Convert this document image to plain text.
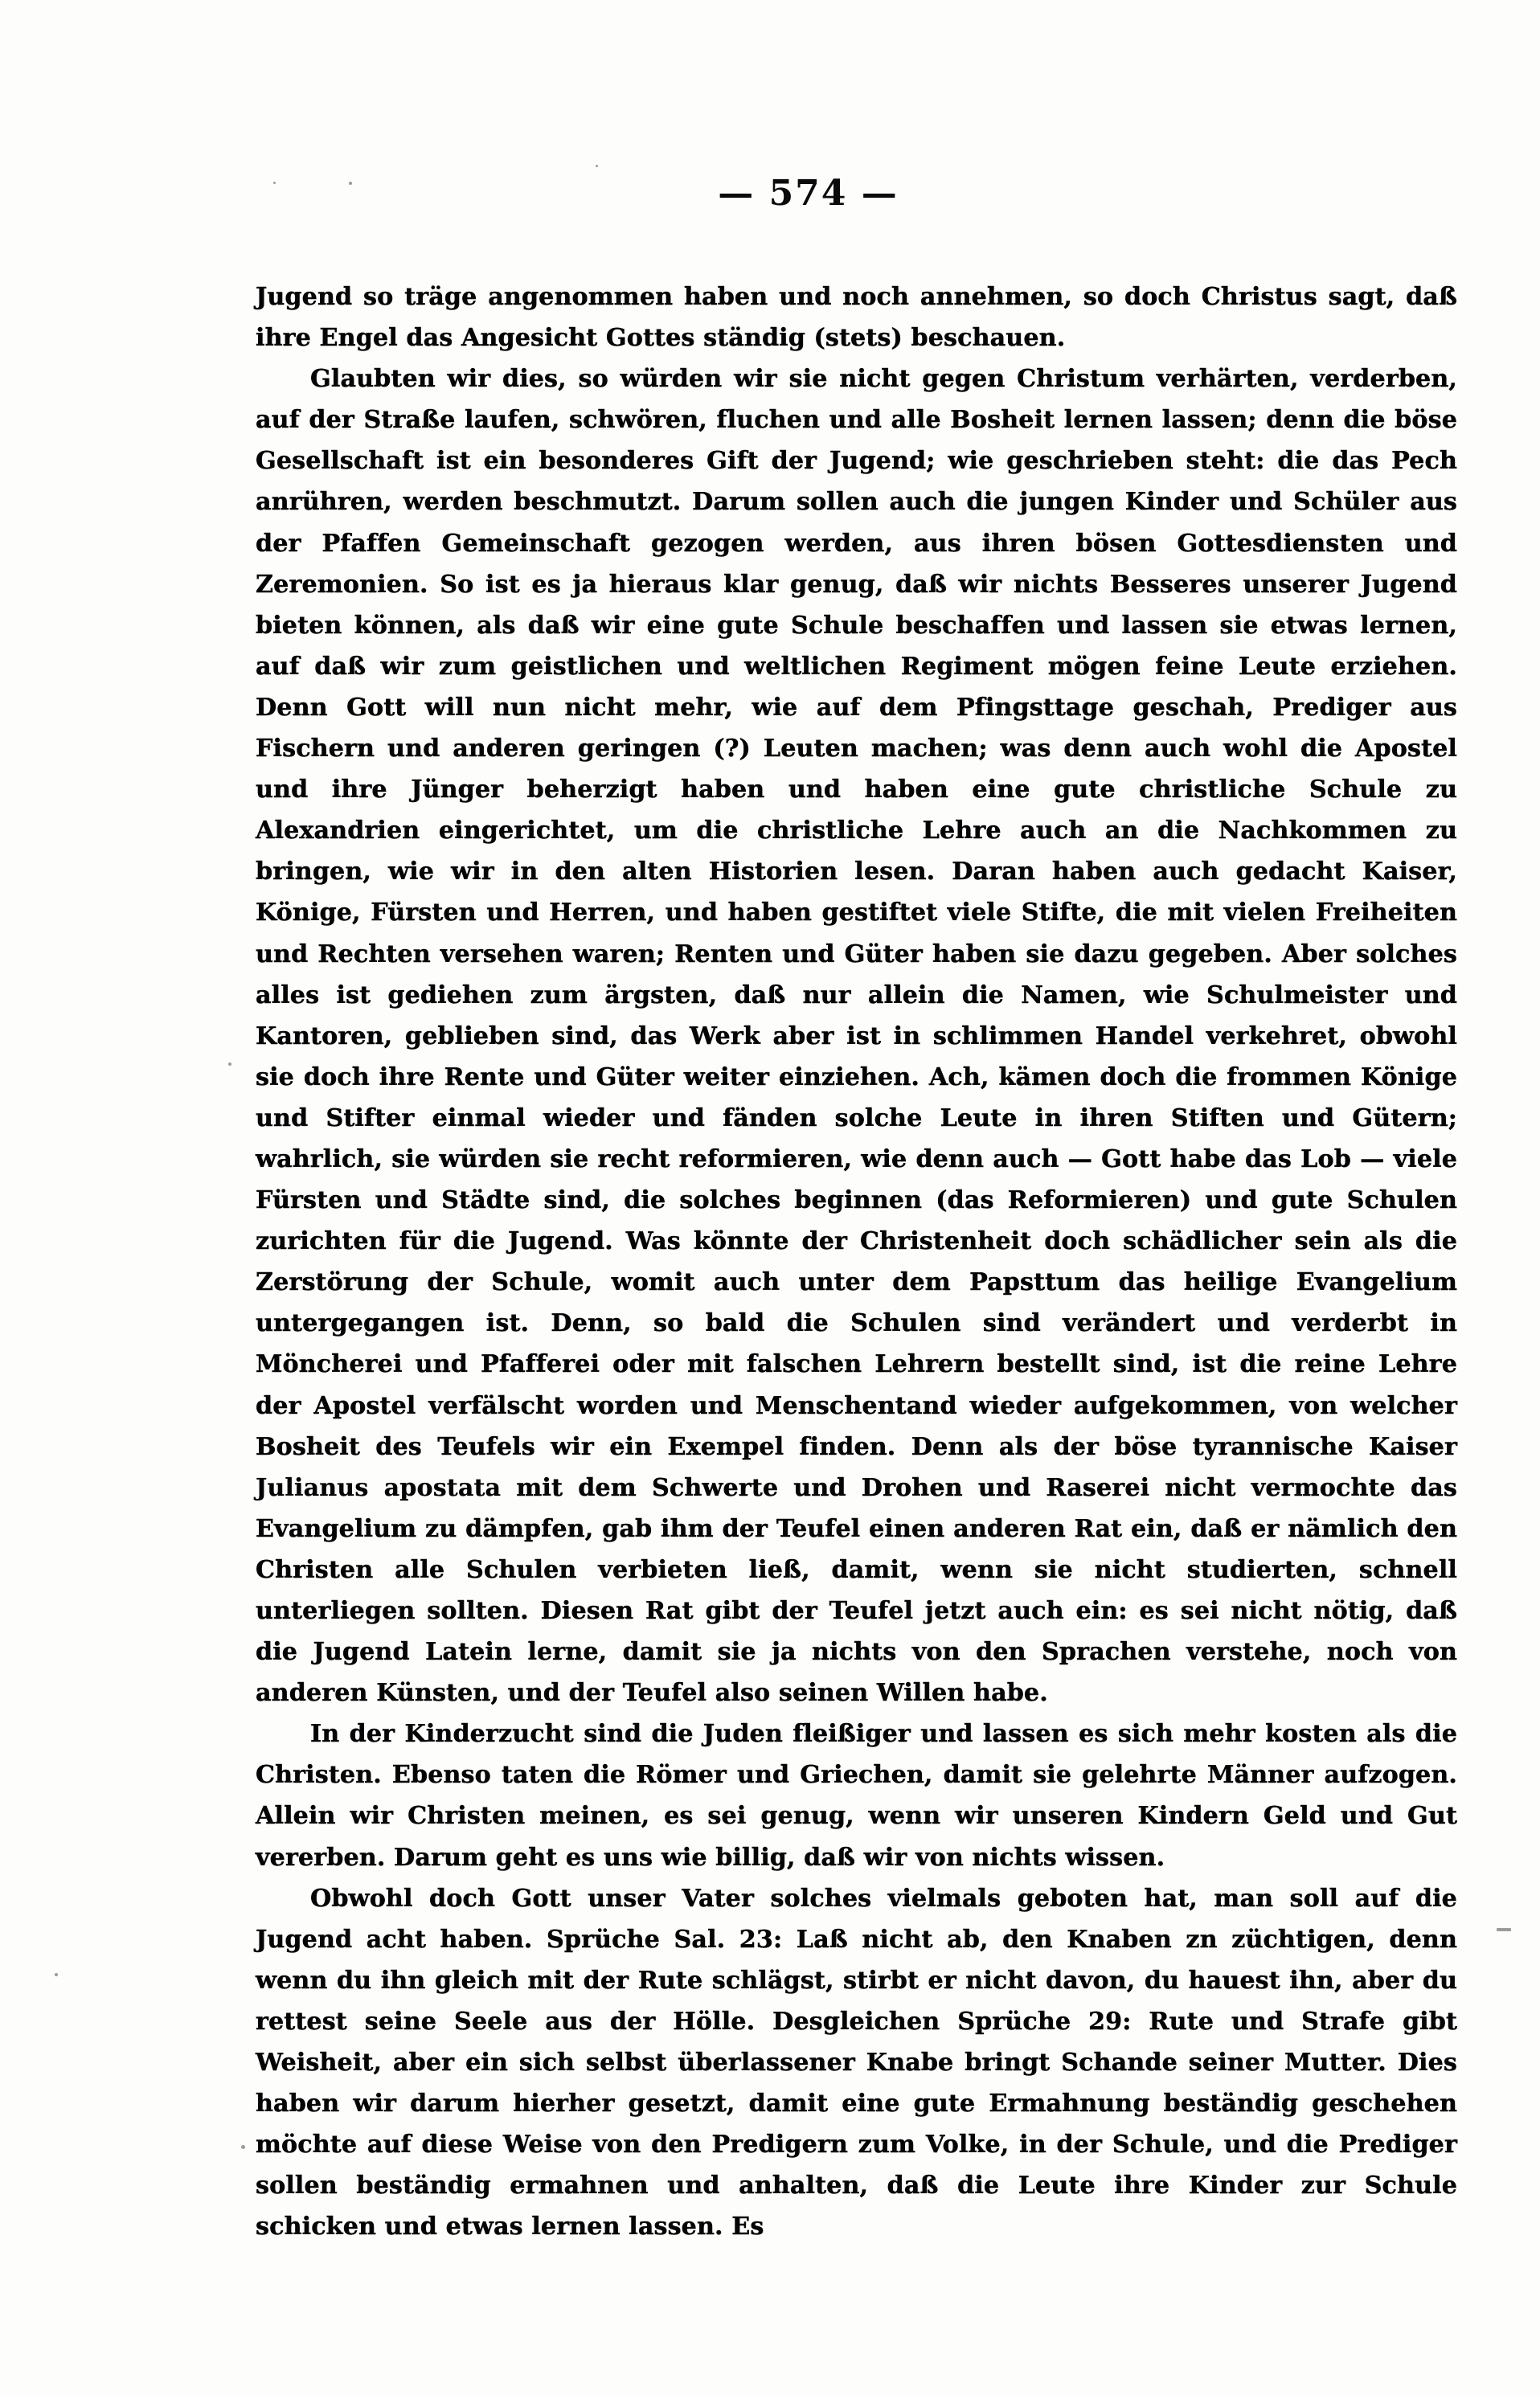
— 574 —

Jugend so träge angenommen haben und noch annehmen, so doch Christus sagt, daß ihre Engel das Angesicht Gottes ständig (stets) beschauen.

Glaubten wir dies, so würden wir sie nicht gegen Christum verhärten, verderben, auf der Straße laufen, schwören, fluchen und alle Bosheit lernen lassen; denn die böse Gesellschaft ist ein besonderes Gift der Jugend; wie geschrieben steht: die das Pech anrühren, werden beschmutzt. Darum sollen auch die jungen Kinder und Schüler aus der Pfaffen Gemeinschaft gezogen werden, aus ihren bösen Gottesdiensten und Zeremonien. So ist es ja hieraus klar genug, daß wir nichts Besseres unserer Jugend bieten können, als daß wir eine gute Schule beschaffen und lassen sie etwas lernen, auf daß wir zum geistlichen und weltlichen Regiment mögen feine Leute erziehen. Denn Gott will nun nicht mehr, wie auf dem Pfingsttage geschah, Prediger aus Fischern und anderen geringen (?) Leuten machen; was denn auch wohl die Apostel und ihre Jünger beherzigt haben und haben eine gute christliche Schule zu Alexandrien eingerichtet, um die christliche Lehre auch an die Nachkommen zu bringen, wie wir in den alten Historien lesen. Daran haben auch gedacht Kaiser, Könige, Fürsten und Herren, und haben gestiftet viele Stifte, die mit vielen Freiheiten und Rechten versehen waren; Renten und Güter haben sie dazu gegeben. Aber solches alles ist gediehen zum ärgsten, daß nur allein die Namen, wie Schulmeister und Kantoren, geblieben sind, das Werk aber ist in schlimmen Handel verkehret, obwohl sie doch ihre Rente und Güter weiter einziehen. Ach, kämen doch die frommen Könige und Stifter einmal wieder und fänden solche Leute in ihren Stiften und Gütern; wahrlich, sie würden sie recht reformieren, wie denn auch — Gott habe das Lob — viele Fürsten und Städte sind, die solches beginnen (das Reformieren) und gute Schulen zurichten für die Jugend. Was könnte der Christenheit doch schädlicher sein als die Zerstörung der Schule, womit auch unter dem Papsttum das heilige Evangelium untergegangen ist. Denn, so bald die Schulen sind verändert und verderbt in Möncherei und Pfafferei oder mit falschen Lehrern bestellt sind, ist die reine Lehre der Apostel verfälscht worden und Menschentand wieder aufgekommen, von welcher Bosheit des Teufels wir ein Exempel finden. Denn als der böse tyrannische Kaiser Julianus apostata mit dem Schwerte und Drohen und Raserei nicht vermochte das Evangelium zu dämpfen, gab ihm der Teufel einen anderen Rat ein, daß er nämlich den Christen alle Schulen verbieten ließ, damit, wenn sie nicht studierten, schnell unterliegen sollten. Diesen Rat gibt der Teufel jetzt auch ein: es sei nicht nötig, daß die Jugend Latein lerne, damit sie ja nichts von den Sprachen verstehe, noch von anderen Künsten, und der Teufel also seinen Willen habe.

In der Kinderzucht sind die Juden fleißiger und lassen es sich mehr kosten als die Christen. Ebenso taten die Römer und Griechen, damit sie gelehrte Männer aufzogen. Allein wir Christen meinen, es sei genug, wenn wir unseren Kindern Geld und Gut vererben. Darum geht es uns wie billig, daß wir von nichts wissen.

Obwohl doch Gott unser Vater solches vielmals geboten hat, man soll auf die Jugend acht haben. Sprüche Sal. 23: Laß nicht ab, den Knaben zn züchtigen, denn wenn du ihn gleich mit der Rute schlägst, stirbt er nicht davon, du hauest ihn, aber du rettest seine Seele aus der Hölle. Desgleichen Sprüche 29: Rute und Strafe gibt Weisheit, aber ein sich selbst überlassener Knabe bringt Schande seiner Mutter. Dies haben wir darum hierher gesetzt, damit eine gute Ermahnung beständig geschehen möchte auf diese Weise von den Predigern zum Volke, in der Schule, und die Prediger sollen beständig ermahnen und anhalten, daß die Leute ihre Kinder zur Schule schicken und etwas lernen lassen. Es
